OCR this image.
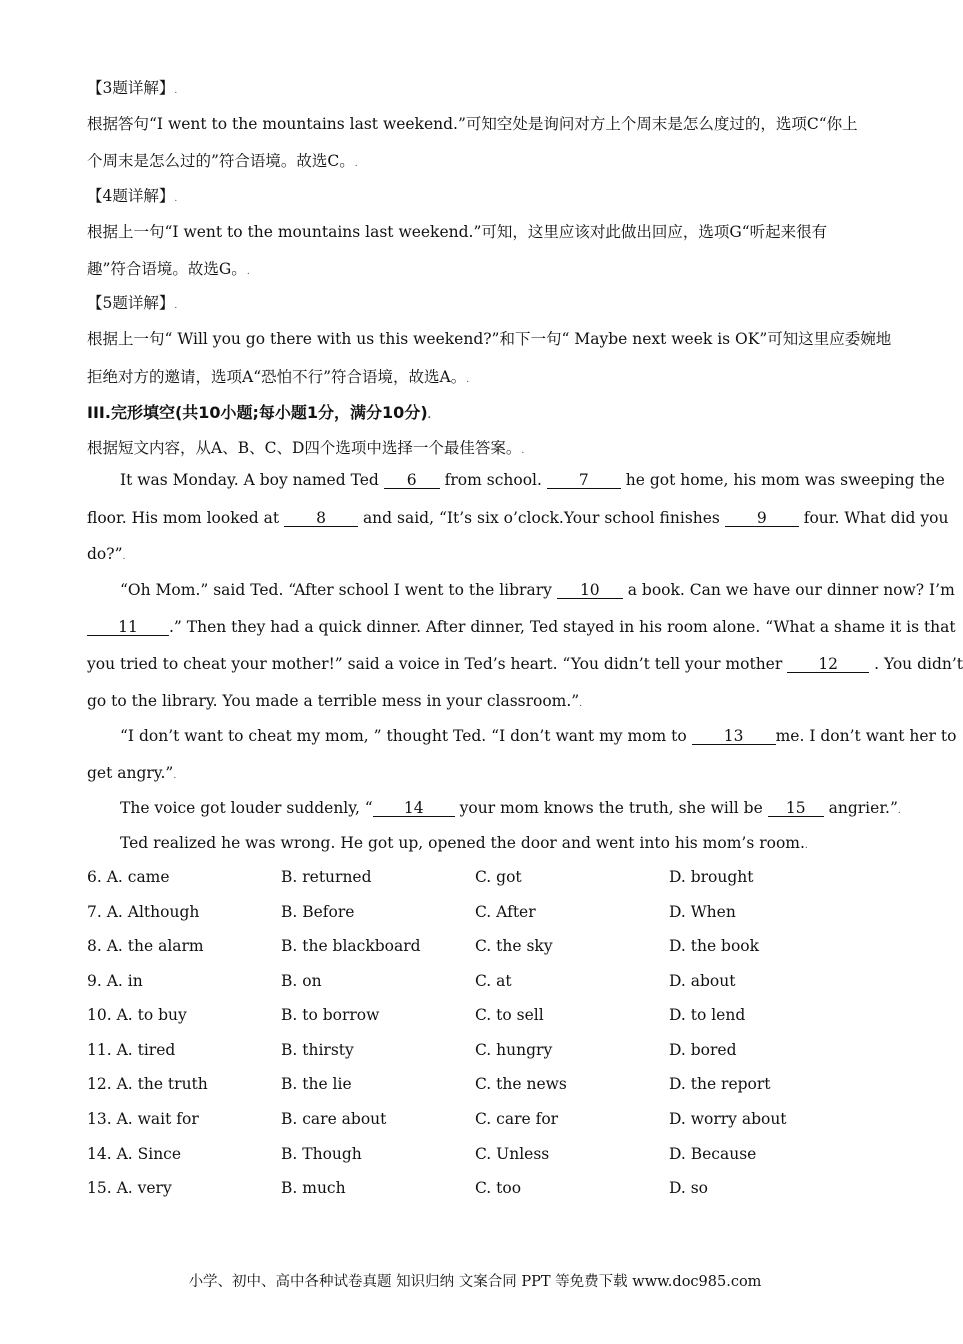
【3题详解】.
根据答句“I went to the mountains last weekend.”可知空处是询问对方上个周末是怎么度过的，选项C“你上
个周末是怎么过的”符合语境。故选C。.
【4题详解】.
根据上一句“I went to the mountains last weekend.”可知，这里应该对此做出回应，选项G“听起来很有
趣”符合语境。故选G。.
【5题详解】.
根据上一句“ Will you go there with us this weekend?”和下一句“ Maybe next week is OK”可知这里应委婉地
拒绝对方的邀请，选项A“恐怕不行”符合语境，故选A。.
III.完形填空(共10小题;每小题1分，满分10分).
根据短文内容，从A、B、C、D四个选项中选择一个最佳答案。.
It was Monday. A boy named Ted 6 from school. 7 he got home, his mom was sweeping the
floor. His mom looked at 8 and said, “It’s six o’clock.Your school finishes 9 four. What did you
do?”.
“Oh Mom.” said Ted. “After school I went to the library 10 a book. Can we have our dinner now? I’m
11 .” Then they had a quick dinner. After dinner, Ted stayed in his room alone. “What a shame it is that
you tried to cheat your mother!” said a voice in Ted’s heart. “You didn’t tell your mother 12 . You didn’t
go to the library. You made a terrible mess in your classroom.”.
“I don’t want to cheat my mom, ” thought Ted. “I don’t want my mom to 13 me. I don’t want her to
get angry.”.
The voice got louder suddenly, “ 14 your mom knows the truth, she will be 15 angrier.”.
Ted realized he was wrong. He got up, opened the door and went into his mom’s room..
6. A. came	B. returned	C. got	D. brought
7. A. Although	B. Before	C. After	D. When
8. A. the alarm	B. the blackboard	C. the sky	D. the book
9. A. in	B. on	C. at	D. about
10. A. to buy	B. to borrow	C. to sell	D. to lend
11. A. tired	B. thirsty	C. hungry	D. bored
12. A. the truth	B. the lie	C. the news	D. the report
13. A. wait for	B. care about	C. care for	D. worry about
14. A. Since	B. Though	C. Unless	D. Because
15. A. very	B. much	C. too	D. so
小学、初中、高中各种试卷真题 知识归纳 文案合同 PPT 等免费下载 www.doc985.com
